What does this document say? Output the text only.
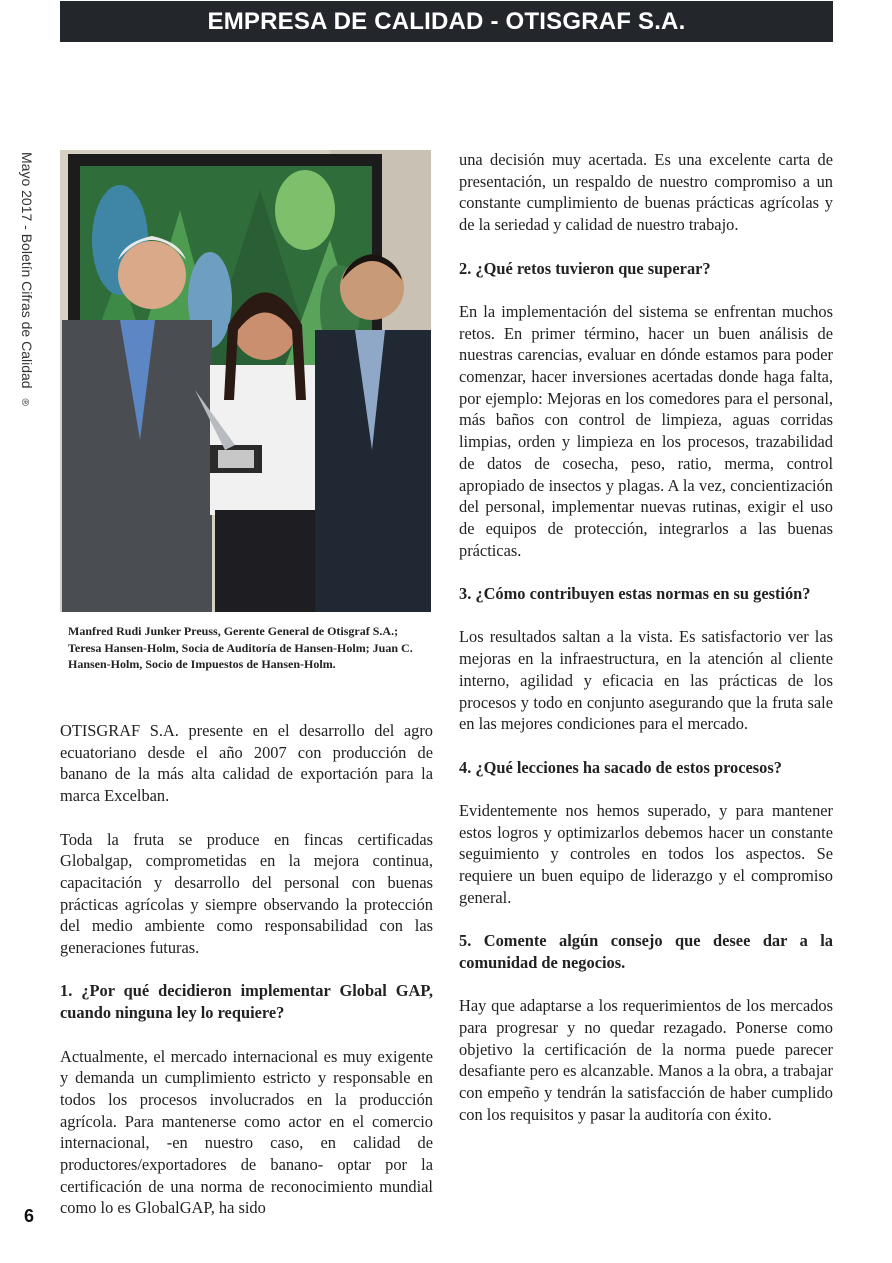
EMPRESA DE CALIDAD - OTISGRAF S.A.
Mayo 2017 - Boletín Cifras de Calidad ®
Manfred Rudi Junker Preuss, Gerente General de Otisgraf S.A.; Teresa Hansen-Holm, Socia de Auditoría de Hansen-Holm; Juan C. Hansen-Holm, Socio de Impuestos de Hansen-Holm.

OTISGRAF S.A. presente en el desarrollo del agro ecuatoriano desde el año 2007 con producción de banano de la más alta calidad de exportación para la marca Excelban.

Toda la fruta se produce en fincas certificadas Globalgap, comprometidas en la mejora continua, capacitación y desarrollo del personal con buenas prácticas agrícolas y siempre observando la protección del medio ambiente como responsabilidad con las generaciones futuras.

1. ¿Por qué decidieron implementar Global GAP, cuando ninguna ley lo requiere?

Actualmente, el mercado internacional es muy exigente y demanda un cumplimiento estricto y responsable en todos los procesos involucrados en la producción agrícola. Para mantenerse como actor en el comercio internacional, -en nuestro caso, en calidad de productores/exportadores de banano- optar por la certificación de una norma de reconocimiento mundial como lo es GlobalGAP, ha sido

una decisión muy acertada. Es una excelente carta de presentación, un respaldo de nuestro compromiso a un constante cumplimiento de buenas prácticas agrícolas y de la seriedad y calidad de nuestro trabajo.

2. ¿Qué retos tuvieron que superar?

En la implementación del sistema se enfrentan muchos retos. En primer término, hacer un buen análisis de nuestras carencias, evaluar en dónde estamos para poder comenzar, hacer inversiones acertadas donde haga falta, por ejemplo: Mejoras en los comedores para el personal, más baños con control de limpieza, aguas corridas limpias, orden y limpieza en los procesos, trazabilidad de datos de cosecha, peso, ratio, merma, control apropiado de insectos y plagas. A la vez, concientización del personal, implementar nuevas rutinas, exigir el uso de equipos de protección, integrarlos a las buenas prácticas.

3. ¿Cómo contribuyen estas normas en su gestión?

Los resultados saltan a la vista. Es satisfactorio ver las mejoras en la infraestructura, en la atención al cliente interno, agilidad y eficacia en las prácticas de los procesos y todo en conjunto asegurando que la fruta sale en las mejores condiciones para el mercado.

4. ¿Qué lecciones ha sacado de estos procesos?

Evidentemente nos hemos superado, y para mantener estos logros y optimizarlos debemos hacer un constante seguimiento y controles en todos los aspectos. Se requiere un buen equipo de liderazgo y el compromiso general.

5. Comente algún consejo que desee dar a la comunidad de negocios.

Hay que adaptarse a los requerimientos de los mercados para progresar y no quedar rezagado. Ponerse como objetivo la certificación de la norma puede parecer desafiante pero es alcanzable. Manos a la obra, a trabajar con empeño y tendrán la satisfacción de haber cumplido con los requisitos y pasar la auditoría con éxito.

6
